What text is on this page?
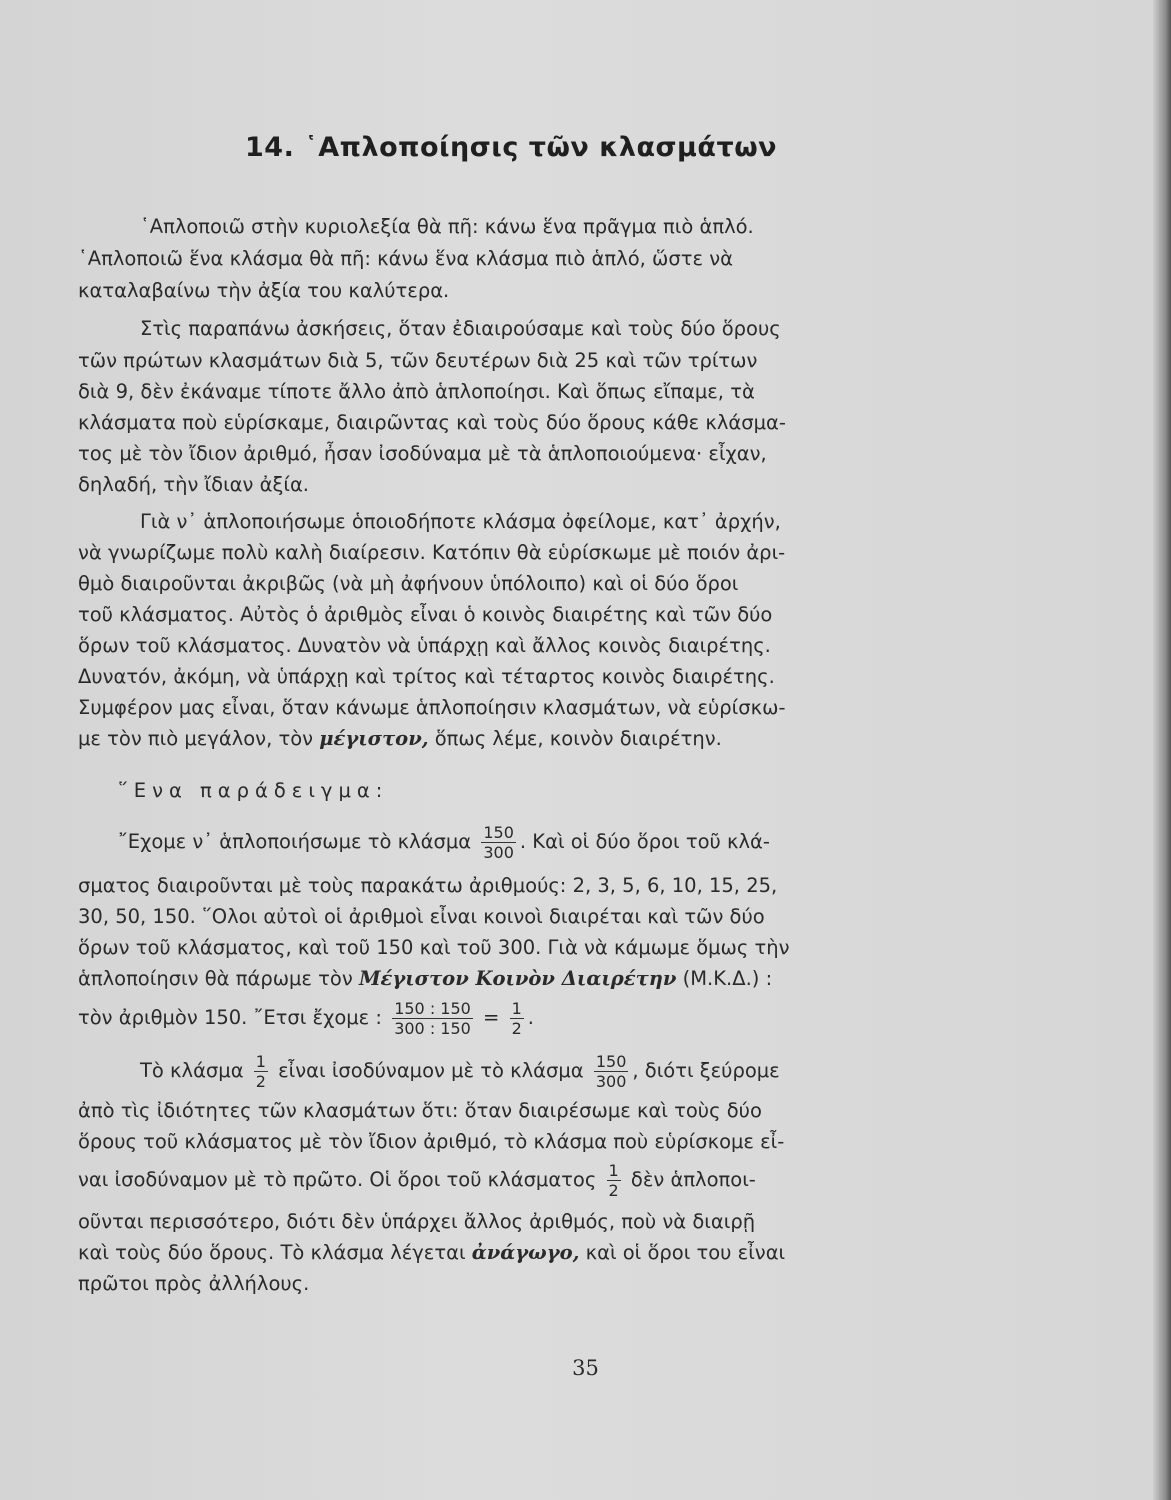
14. ῾Απλοποίησις τῶν κλασμάτων
῾Απλοποιῶ στὴν κυριολεξία θὰ πῆ: κάνω ἕνα πρᾶγμα πιὸ ἁπλό.
῾Απλοποιῶ ἕνα κλάσμα θὰ πῆ: κάνω ἕνα κλάσμα πιὸ ἁπλό, ὥστε νὰ
καταλαβαίνω τὴν ἀξία του καλύτερα.
Στὶς παραπάνω ἀσκήσεις, ὅταν ἐδιαιρούσαμε καὶ τοὺς δύο ὅρους
τῶν πρώτων κλασμάτων διὰ 5, τῶν δευτέρων διὰ 25 καὶ τῶν τρίτων
διὰ 9, δὲν ἐκάναμε τίποτε ἄλλο ἀπὸ ἁπλοποίησι. Καὶ ὅπως εἴπαμε, τὰ
κλάσματα ποὺ εὑρίσκαμε, διαιρῶντας καὶ τοὺς δύο ὅρους κάθε κλάσμα-
τος μὲ τὸν ἴδιον ἀριθμό, ἦσαν ἰσοδύναμα μὲ τὰ ἁπλοποιούμενα· εἶχαν,
δηλαδή, τὴν ἴδιαν ἀξία.
Γιὰ ν᾽ ἁπλοποιήσωμε ὁποιοδήποτε κλάσμα ὀφείλομε, κατ᾽ ἀρχήν,
νὰ γνωρίζωμε πολὺ καλὴ διαίρεσιν. Κατόπιν θὰ εὑρίσκωμε μὲ ποιόν ἀρι-
θμὸ διαιροῦνται ἀκριβῶς (νὰ μὴ ἀφήνουν ὑπόλοιπο) καὶ οἱ δύο ὅροι
τοῦ κλάσματος. Αὐτὸς ὁ ἀριθμὸς εἶναι ὁ κοινὸς διαιρέτης καὶ τῶν δύο
ὅρων τοῦ κλάσματος. Δυνατὸν νὰ ὑπάρχῃ καὶ ἄλλος κοινὸς διαιρέτης.
Δυνατόν, ἀκόμη, νὰ ὑπάρχῃ καὶ τρίτος καὶ τέταρτος κοινὸς διαιρέτης.
Συμφέρον μας εἶναι, ὅταν κάνωμε ἁπλοποίησιν κλασμάτων, νὰ εὑρίσκω-
με τὸν πιὸ μεγάλον, τὸν μέγιστον, ὅπως λέμε, κοινὸν διαιρέτην.
῞Ενα παράδειγμα:
῎Εχομε ν᾽ ἁπλοποιήσωμε τὸ κλάσμα $\frac{150}{300}$ . Καὶ οἱ δύο ὅροι τοῦ κλά-
σματος διαιροῦνται μὲ τοὺς παρακάτω ἀριθμούς: 2, 3, 5, 6, 10, 15, 25,
30, 50, 150. ῞Ολοι αὐτοὶ οἱ ἀριθμοὶ εἶναι κοινοὶ διαιρέται καὶ τῶν δύο
ὅρων τοῦ κλάσματος, καὶ τοῦ 150 καὶ τοῦ 300. Γιὰ νὰ κάμωμε ὅμως τὴν
ἁπλοποίησιν θὰ πάρωμε τὸν Μέγιστον Κοινὸν Διαιρέτην (Μ.Κ.Δ.) :
τὸν ἀριθμὸν 150. ῎Ετσι ἔχομε : $\frac{150 : 150}{300 : 150} = \frac{1}{2}$ .
Τὸ κλάσμα $\frac{1}{2}$ εἶναι ἰσοδύναμον μὲ τὸ κλάσμα $\frac{150}{300}$ , διότι ξεύρομε
ἀπὸ τὶς ἰδιότητες τῶν κλασμάτων ὅτι: ὅταν διαιρέσωμε καὶ τοὺς δύο
ὅρους τοῦ κλάσματος μὲ τὸν ἴδιον ἀριθμό, τὸ κλάσμα ποὺ εὑρίσκομε εἶ-
ναι ἰσοδύναμον μὲ τὸ πρῶτο. Οἱ ὅροι τοῦ κλάσματος $\frac{1}{2}$ δὲν ἁπλοποι-
οῦνται περισσότερο, διότι δὲν ὑπάρχει ἄλλος ἀριθμός, ποὺ νὰ διαιρῇ
καὶ τοὺς δύο ὅρους. Τὸ κλάσμα λέγεται ἀνάγωγο, καὶ οἱ ὅροι του εἶναι
πρῶτοι πρὸς ἀλλήλους.
35
